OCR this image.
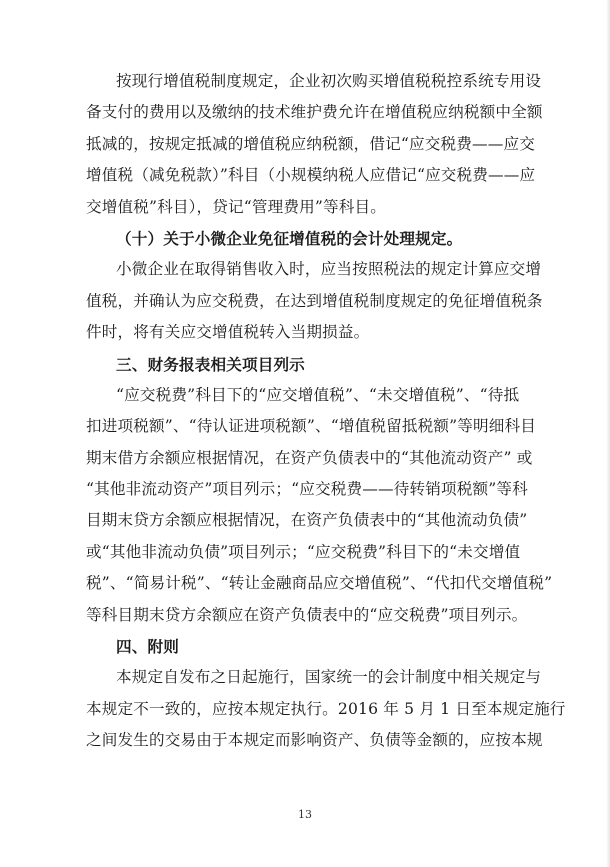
按现行增值税制度规定，企业初次购买增值税税控系统专用设
备支付的费用以及缴纳的技术维护费允许在增值税应纳税额中全额
抵减的，按规定抵减的增值税应纳税额，借记“应交税费——应交
增值税（减免税款）”科目（小规模纳税人应借记“应交税费——应
交增值税”科目），贷记“管理费用”等科目。
（十）关于小微企业免征增值税的会计处理规定。
小微企业在取得销售收入时，应当按照税法的规定计算应交增
值税，并确认为应交税费，在达到增值税制度规定的免征增值税条
件时，将有关应交增值税转入当期损益。
三、财务报表相关项目列示
“应交税费”科目下的“应交增值税”、“未交增值税”、“待抵
扣进项税额”、“待认证进项税额”、“增值税留抵税额”等明细科目
期末借方余额应根据情况，在资产负债表中的“其他流动资产” 或
“其他非流动资产”项目列示；“应交税费——待转销项税额”等科
目期末贷方余额应根据情况，在资产负债表中的“其他流动负债”
或“其他非流动负债”项目列示；“应交税费”科目下的“未交增值
税”、“简易计税”、“转让金融商品应交增值税”、“代扣代交增值税”
等科目期末贷方余额应在资产负债表中的“应交税费”项目列示。
四、附则
本规定自发布之日起施行，国家统一的会计制度中相关规定与
本规定不一致的，应按本规定执行。2016 年 5 月 1 日至本规定施行
之间发生的交易由于本规定而影响资产、负债等金额的，应按本规
13
